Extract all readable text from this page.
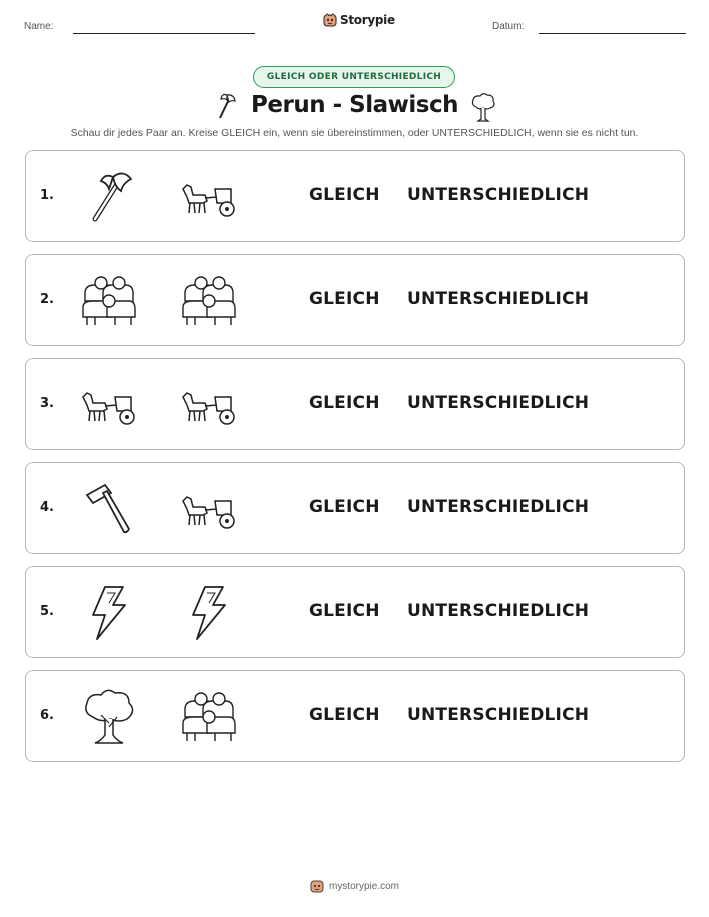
Name:	Storypie	Datum:
GLEICH ODER UNTERSCHIEDLICH
Perun - Slawisch
Schau dir jedes Paar an. Kreise GLEICH ein, wenn sie übereinstimmen, oder UNTERSCHIEDLICH, wenn sie es nicht tun.
1.	GLEICH UNTERSCHIEDLICH
2.	GLEICH UNTERSCHIEDLICH
3.	GLEICH UNTERSCHIEDLICH
4.	GLEICH UNTERSCHIEDLICH
5.	GLEICH UNTERSCHIEDLICH
6.	GLEICH UNTERSCHIEDLICH
mystorypie.com
